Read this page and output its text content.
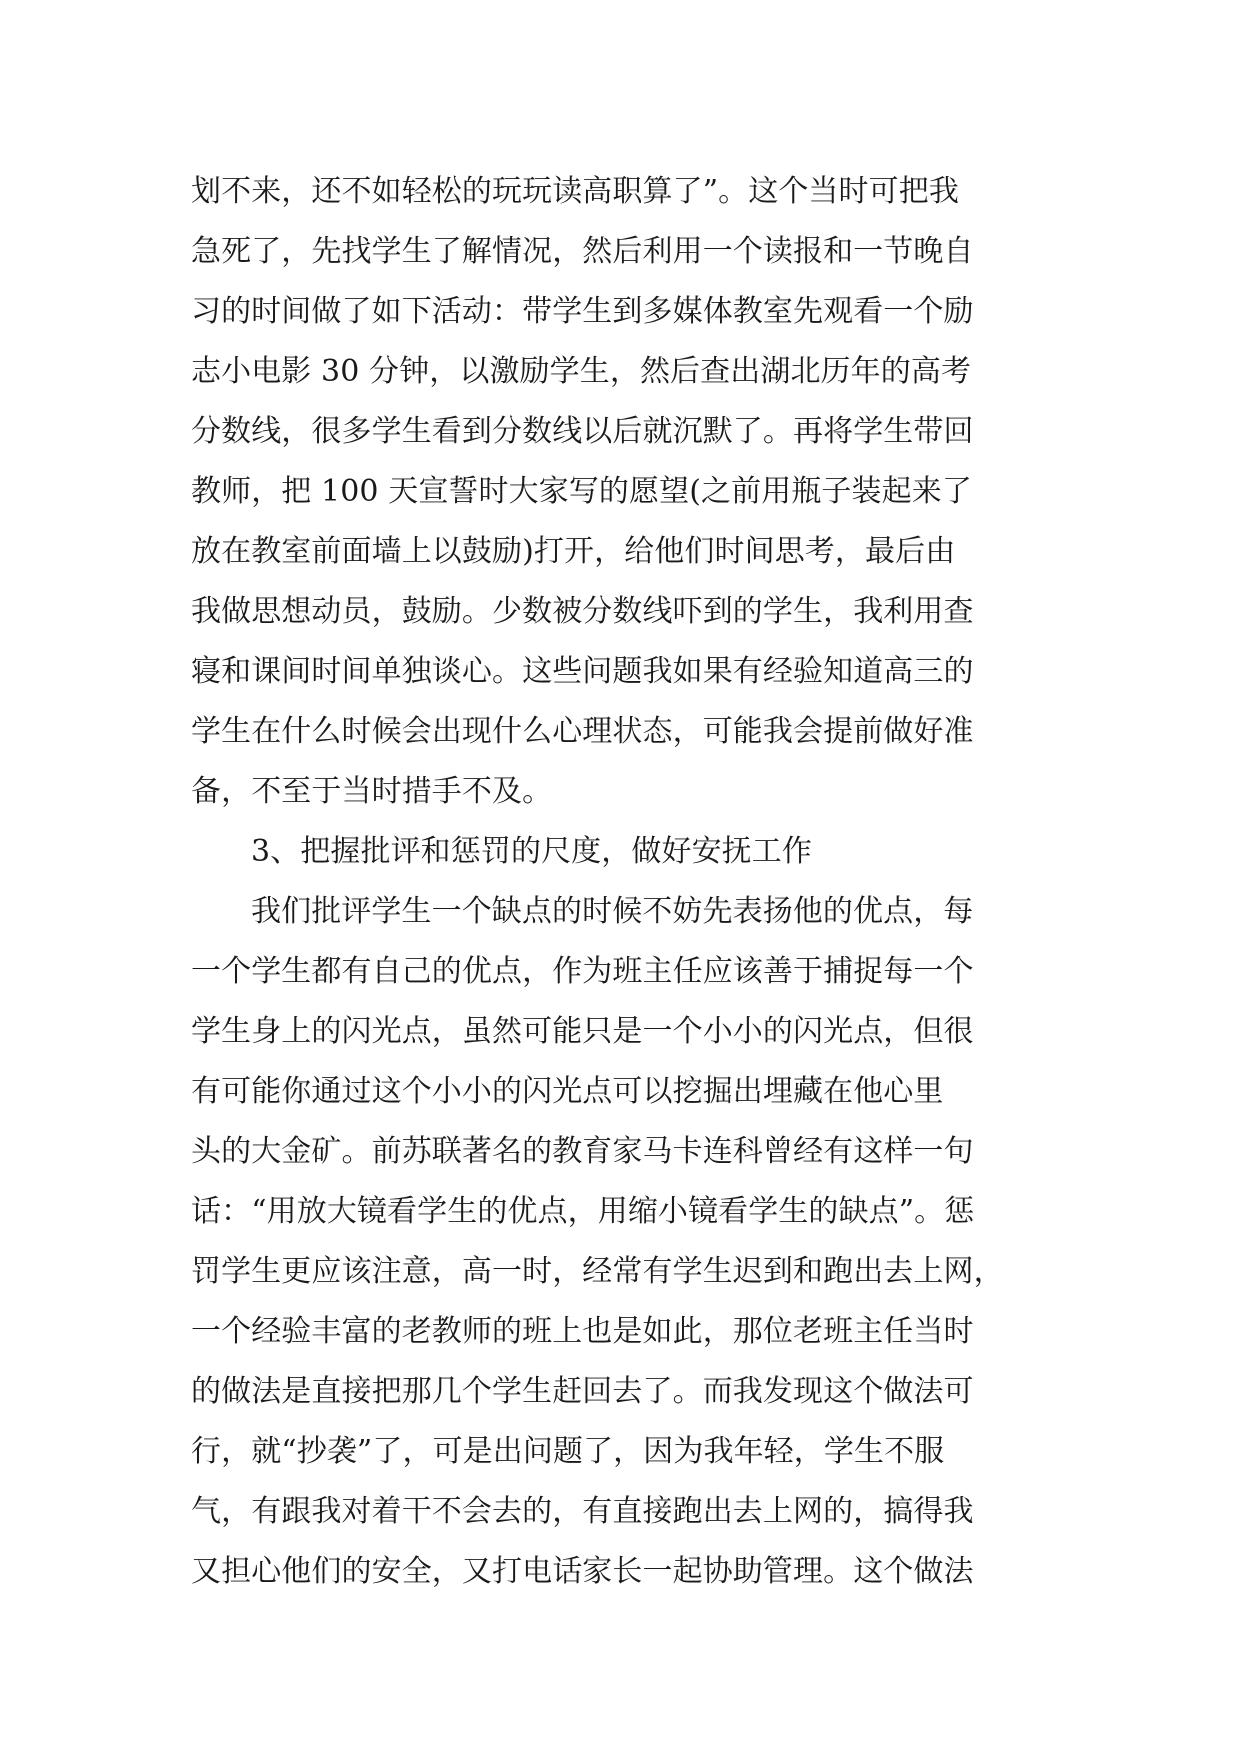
划不来，还不如轻松的玩玩读高职算了”。这个当时可把我
急死了，先找学生了解情况，然后利用一个读报和一节晚自
习的时间做了如下活动：带学生到多媒体教室先观看一个励
志小电影 30 分钟，以激励学生，然后查出湖北历年的高考
分数线，很多学生看到分数线以后就沉默了。再将学生带回
教师，把 100 天宣誓时大家写的愿望(之前用瓶子装起来了
放在教室前面墙上以鼓励)打开，给他们时间思考，最后由
我做思想动员，鼓励。少数被分数线吓到的学生，我利用查
寝和课间时间单独谈心。这些问题我如果有经验知道高三的
学生在什么时候会出现什么心理状态，可能我会提前做好准
备，不至于当时措手不及。
3、把握批评和惩罚的尺度，做好安抚工作
我们批评学生一个缺点的时候不妨先表扬他的优点，每
一个学生都有自己的优点，作为班主任应该善于捕捉每一个
学生身上的闪光点，虽然可能只是一个小小的闪光点，但很
有可能你通过这个小小的闪光点可以挖掘出埋藏在他心里
头的大金矿。前苏联著名的教育家马卡连科曾经有这样一句
话：“用放大镜看学生的优点，用缩小镜看学生的缺点”。惩
罚学生更应该注意，高一时，经常有学生迟到和跑出去上网，
一个经验丰富的老教师的班上也是如此，那位老班主任当时
的做法是直接把那几个学生赶回去了。而我发现这个做法可
行，就“抄袭”了，可是出问题了，因为我年轻，学生不服
气，有跟我对着干不会去的，有直接跑出去上网的，搞得我
又担心他们的安全，又打电话家长一起协助管理。这个做法
